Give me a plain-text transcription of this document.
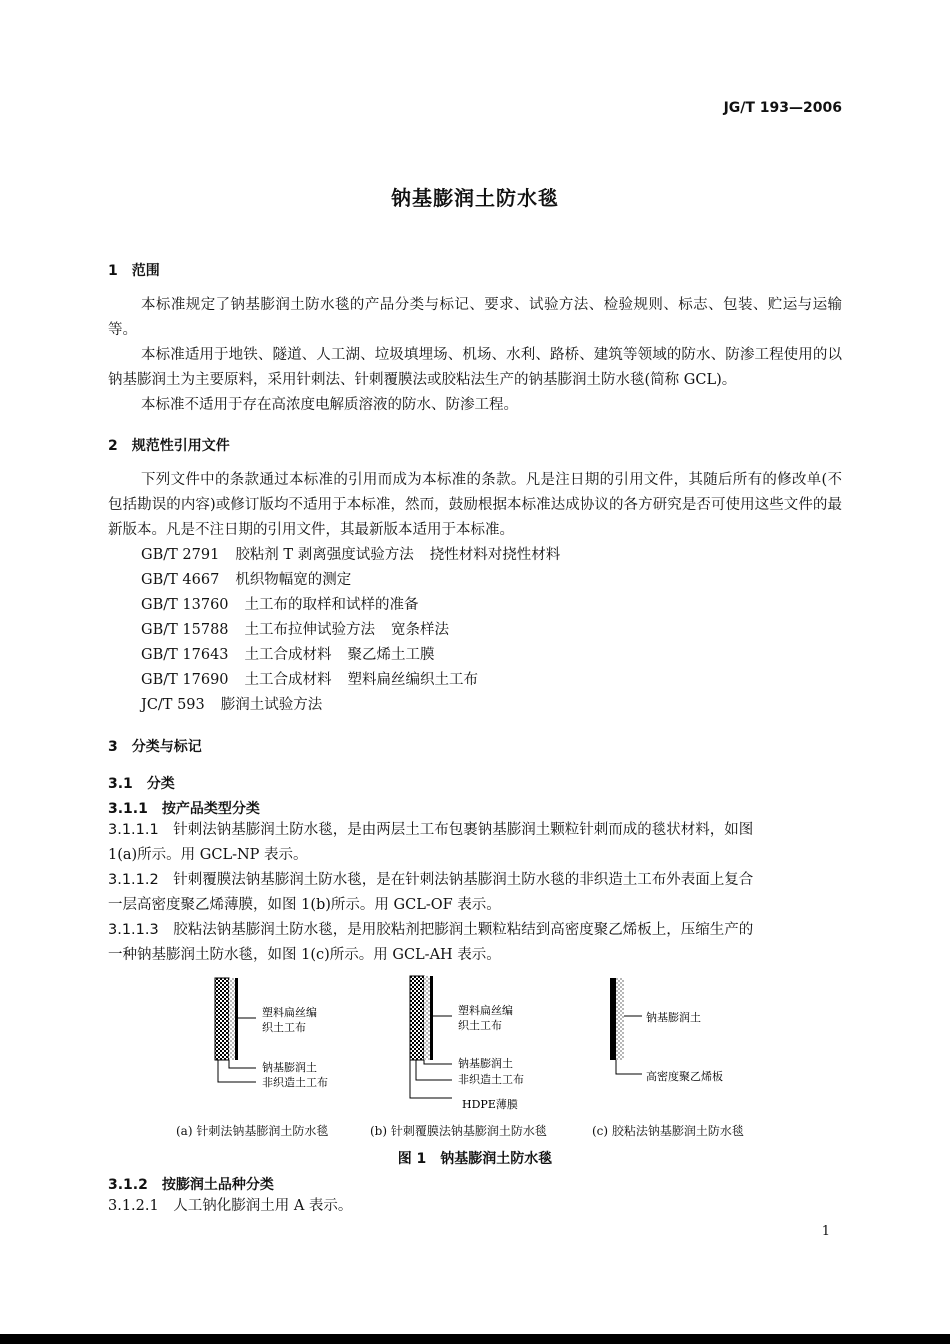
JG/T 193—2006
钠基膨润土防水毯
1　范围
本标准规定了钠基膨润土防水毯的产品分类与标记、要求、试验方法、检验规则、标志、包装、贮运与运输等。
本标准适用于地铁、隧道、人工湖、垃圾填埋场、机场、水利、路桥、建筑等领域的防水、防渗工程使用的以钠基膨润土为主要原料，采用针刺法、针刺覆膜法或胶粘法生产的钠基膨润土防水毯(简称 GCL)。
本标准不适用于存在高浓度电解质溶液的防水、防渗工程。
2　规范性引用文件
下列文件中的条款通过本标准的引用而成为本标准的条款。凡是注日期的引用文件，其随后所有的修改单(不包括勘误的内容)或修订版均不适用于本标准，然而，鼓励根据本标准达成协议的各方研究是否可使用这些文件的最新版本。凡是不注日期的引用文件，其最新版本适用于本标准。
GB/T 2791 胶粘剂 T 剥离强度试验方法 挠性材料对挠性材料
GB/T 4667 机织物幅宽的测定
GB/T 13760 土工布的取样和试样的准备
GB/T 15788 土工布拉伸试验方法 宽条样法
GB/T 17643 土工合成材料 聚乙烯土工膜
GB/T 17690 土工合成材料 塑料扁丝编织土工布
JC/T 593 膨润土试验方法
3　分类与标记
3.1　分类
3.1.1　按产品类型分类
3.1.1.1　 针刺法钠基膨润土防水毯，是由两层土工布包裹钠基膨润土颗粒针刺而成的毯状材料，如图
1(a)所示。用 GCL-NP 表示。
3.1.1.2　 针刺覆膜法钠基膨润土防水毯，是在针刺法钠基膨润土防水毯的非织造土工布外表面上复合
一层高密度聚乙烯薄膜，如图 1(b)所示。用 GCL-OF 表示。
3.1.1.3　 胶粘法钠基膨润土防水毯，是用胶粘剂把膨润土颗粒粘结到高密度聚乙烯板上，压缩生产的
一种钠基膨润土防水毯，如图 1(c)所示。用 GCL-AH 表示。
塑料扁丝编
织土工布
钠基膨润土
非织造土工布
塑料扁丝编
织土工布
钠基膨润土
非织造土工布
HDPE薄膜
钠基膨润土
高密度聚乙烯板
(a) 针刺法钠基膨润土防水毯	(b) 针刺覆膜法钠基膨润土防水毯	(c) 胶粘法钠基膨润土防水毯
图 1　钠基膨润土防水毯
3.1.2　按膨润土品种分类
3.1.2.1　 人工钠化膨润土用 A 表示。
1
